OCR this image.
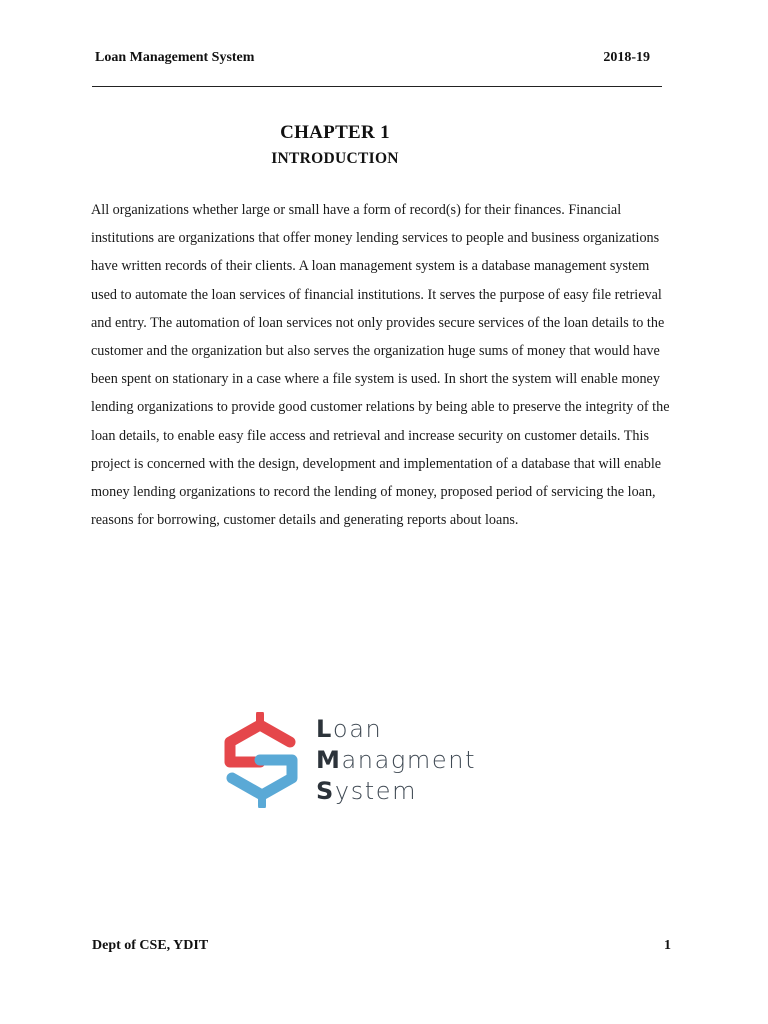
Loan Management System	2018-19
CHAPTER 1
INTRODUCTION

All organizations whether large or small have a form of record(s) for their finances. Financial institutions are organizations that offer money lending services to people and business organizations have written records of their clients. A loan management system is a database management system used to automate the loan services of financial institutions. It serves the purpose of easy file retrieval and entry. The automation of loan services not only provides secure services of the loan details to the customer and the organization but also serves the organization huge sums of money that would have been spent on stationary in a case where a file system is used. In short the system will enable money lending organizations to provide good customer relations by being able to preserve the integrity of the loan details, to enable easy file access and retrieval and increase security on customer details. This project is concerned with the design, development and implementation of a database that will enable money lending organizations to record the lending of money, proposed period of servicing the loan, reasons for borrowing, customer details and generating reports about loans.

Loan
Managment
System
Dept of CSE, YDIT	1
